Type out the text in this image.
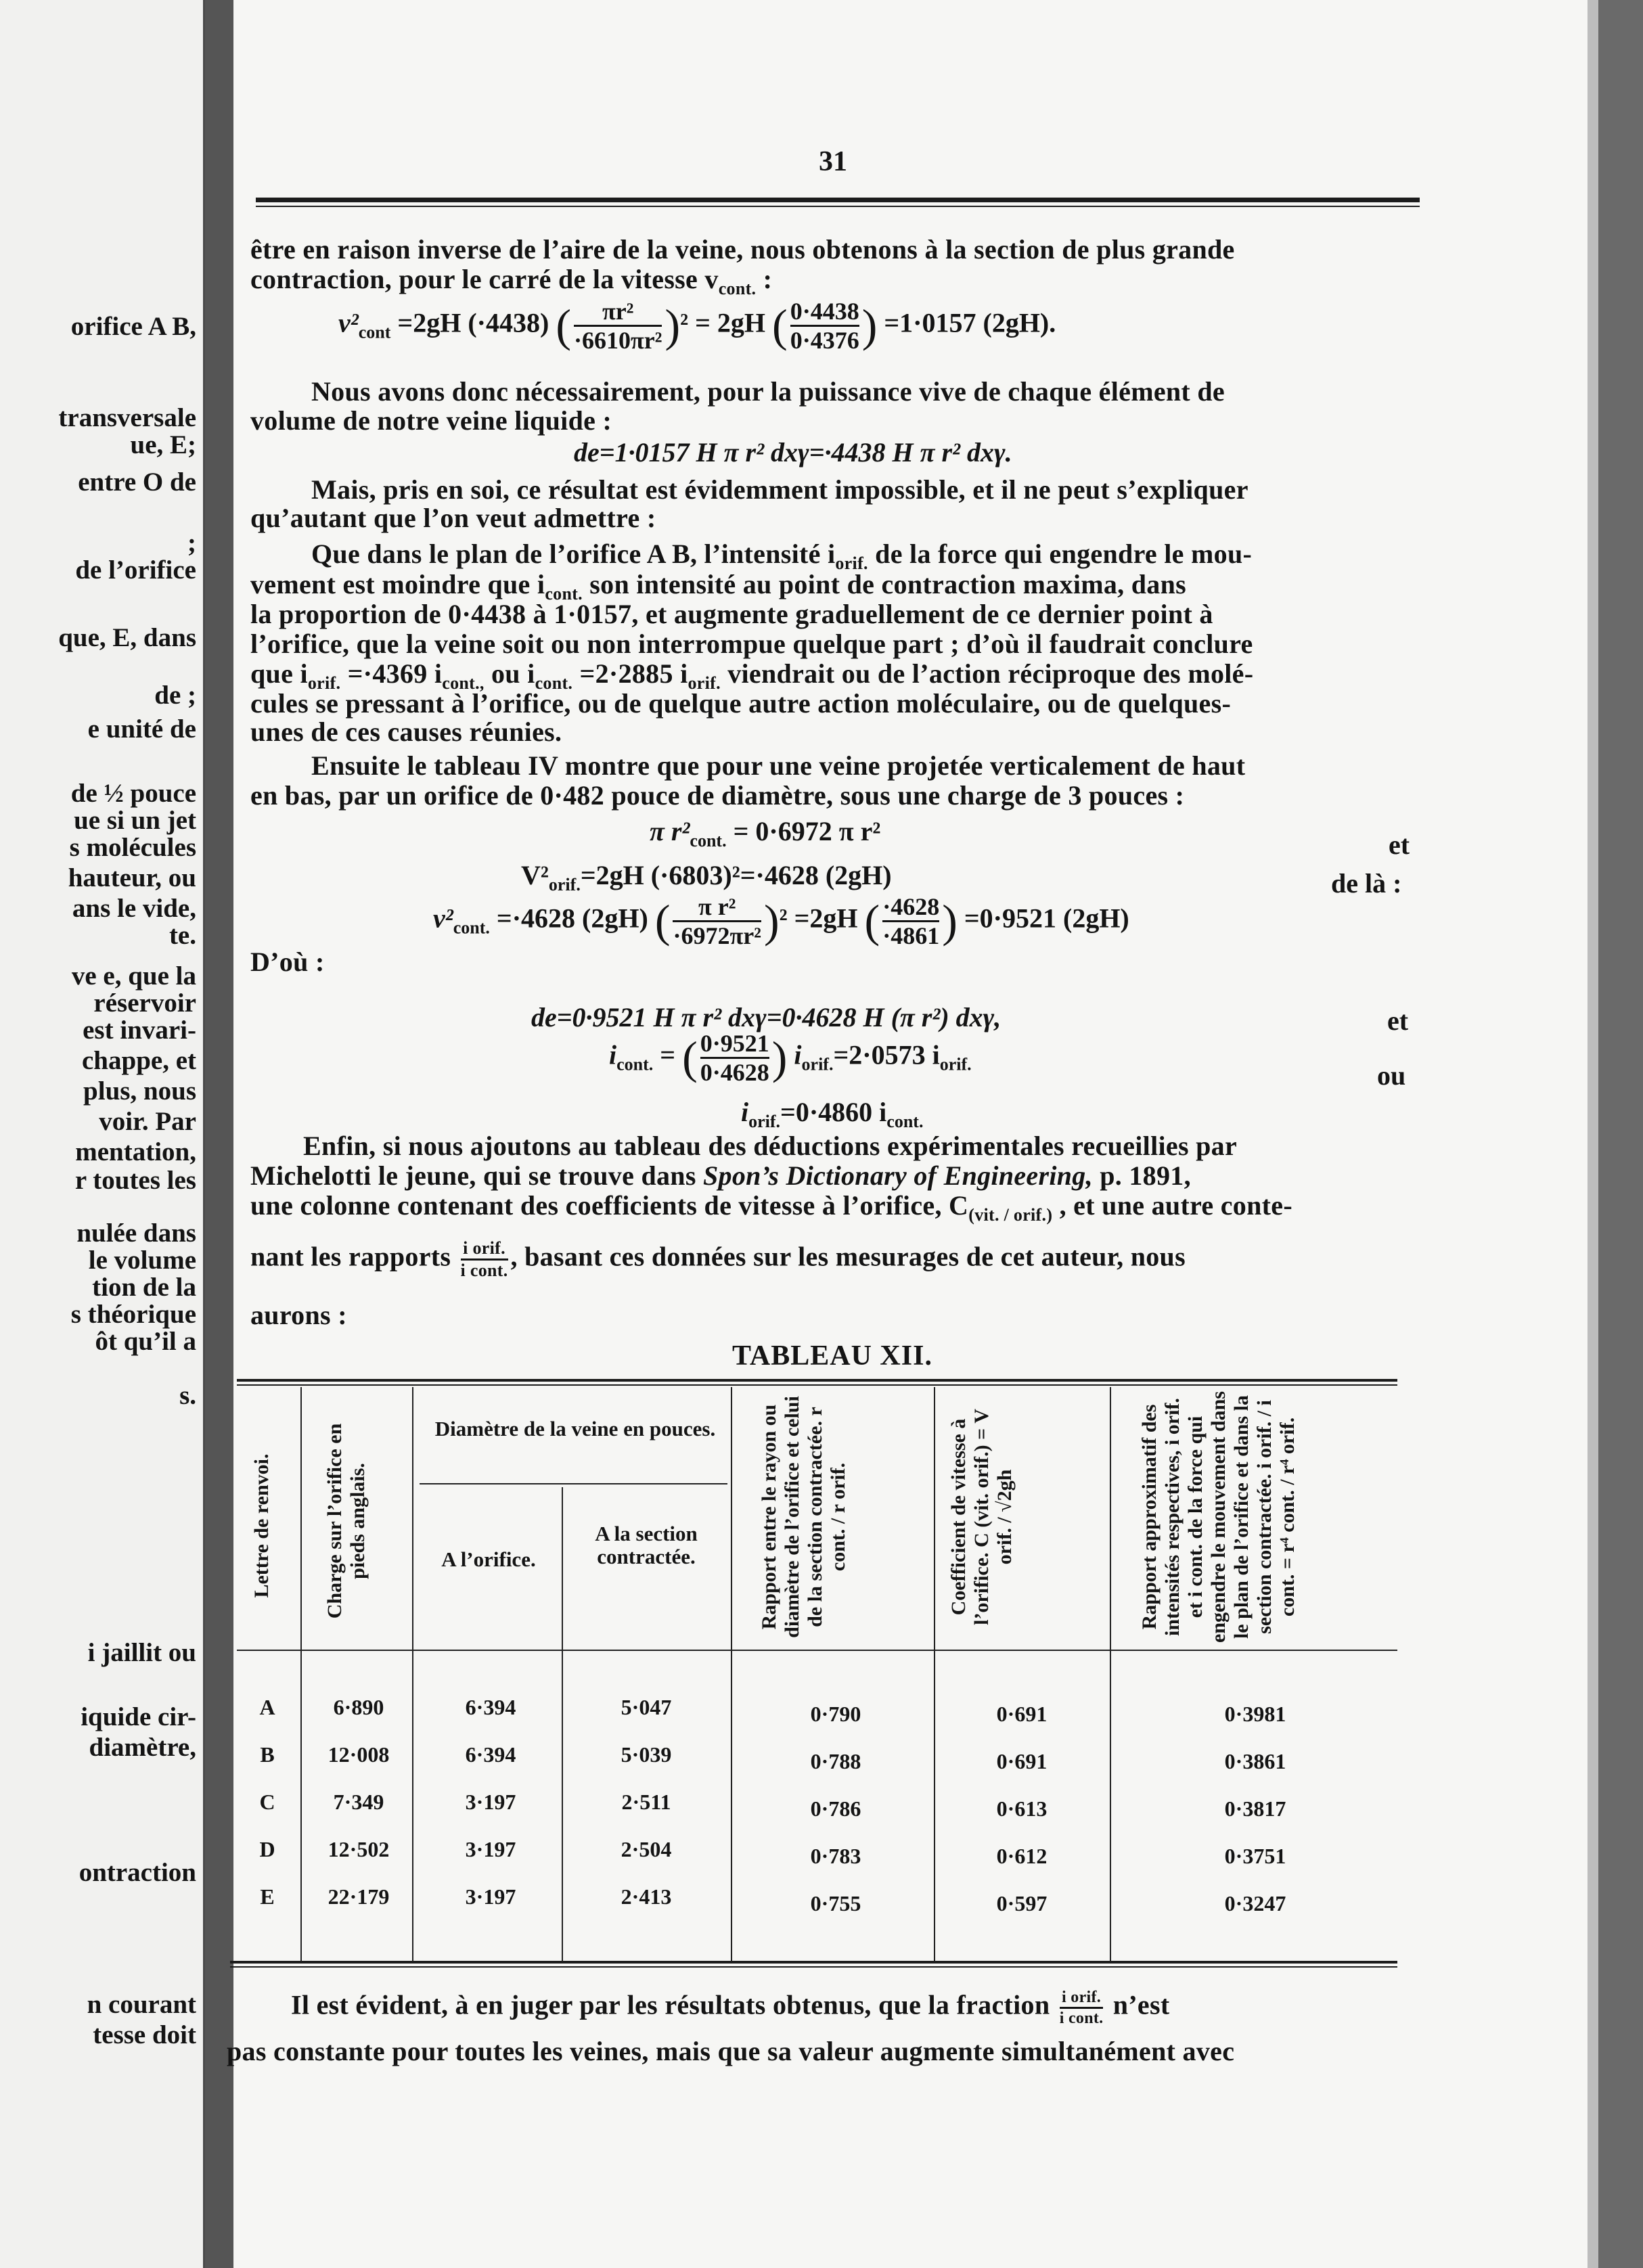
orifice A B,
transversale
ue, E;
entre O de
;
de l’orifice
que, E, dans
de ;
e unité de
de ½ pouce
ue si un jet
s molécules
hauteur, ou
ans le vide,
te.
ve e, que la
réservoir
est invari-
chappe, et
plus, nous
voir. Par
mentation,
r toutes les
nulée dans
le volume
tion de la
s théorique
ôt qu’il a
s.
i jaillit ou
iquide cir-
diamètre,
ontraction
n courant
tesse doit
31
être en raison inverse de l’aire de la veine, nous obtenons à la section de plus grande
contraction, pour le carré de la vitesse $v_{cont.}$ :
$v^2_{cont} =2gH$ (·4438) ( $\frac{\text{πr²}}{\text{·6610πr²}} )^2 = 2gH$ ( $\frac{0\cdot 4438}{0\cdot 4376}$ ) =1·0157 (2gH).
Nous avons donc nécessairement, pour la puissance vive de chaque élément de
volume de notre veine liquide :
de=1·0157 H π r² dxγ=·4438 H π r² dxγ.
Mais, pris en soi, ce résultat est évidemment impossible, et il ne peut s’expliquer
qu’autant que l’on veut admettre :
Que dans le plan de l’orifice A B, l’intensité $i_{orif.}$ de la force qui engendre le mou-
vement est moindre que $i_{cont.}$ son intensité au point de contraction maxima, dans
la proportion de 0·4438 à 1·0157, et augmente graduellement de ce dernier point à
l’orifice, que la veine soit ou non interrompue quelque part ; d’où il faudrait conclure
que $i_{orif.} =\cdot 4369$ $i_{cont.,}$ ou $i_{cont.} =2\cdot 2885$ $i_{orif.}$ viendrait ou de l’action réciproque des molé-
cules se pressant à l’orifice, ou de quelque autre action moléculaire, ou de quelques-
unes de ces causes réunies.
Ensuite le tableau IV montre que pour une veine projetée verticalement de haut
en bas, par un orifice de 0·482 pouce de diamètre, sous une charge de 3 pouces :
π $r^2_{cont.} = 0\cdot 6972$ π r²	et
$V^2_{orif.}=2gH$ (·6803)²=·4628 (2gH)	de là :
$v^2_{cont.} =\cdot 4628$ (2gH) ( $\frac{\text{π r²}}{\text{·6972πr²}} )^2 =2gH$ ( $\frac{\cdot 4628}{\cdot 4861}$ ) =0·9521 (2gH)
D’où :
de=0·9521 H π r² dxγ=0·4628 H (π r²) dxγ,	et
$i_{cont.}$ = ( $\frac{0\cdot 9521}{0\cdot 4628}$ ) $i_{orif.}=2\cdot 0573$ $i_{orif.}$	ou
$i_{orif.}=0\cdot 4860$ $i_{cont.}$
Enfin, si nous ajoutons au tableau des déductions expérimentales recueillies par
Michelotti le jeune, qui se trouve dans Spon’s Dictionary of Engineering, p. 1891,
une colonne contenant des coefficients de vitesse à l’orifice, $C_{(vit. / orif.)}$ , et une autre conte-
nant les rapports $\frac{\text{i orif.}}{\text{i cont.}}$ , basant ces données sur les mesurages de cet auteur, nous
aurons :
TABLEAU XII.
Lettre de renvoi.	Charge sur l’orifice en pieds anglais.
Diamètre de la veine en pouces.
A l’orifice.
A la section contractée.	Rapport entre le rayon ou diamètre de l’orifice et celui de la section contractée. r cont. / r orif.	Coefficient de vitesse à l’orifice. C (vit. orif.) = V orif. / √2gh	Rapport approximatif des intensités respectives, i orif. et i cont. de la force qui engendre le mouvement dans le plan de l’orifice et dans la section contractée. i orif. / i cont. = r⁴ cont. / r⁴ orif.
A	6·890	6·394	5·047	0·790	0·691	0·3981
B	12·008	6·394	5·039	0·788	0·691	0·3861
C	7·349	3·197	2·511	0·786	0·613	0·3817
D	12·502	3·197	2·504	0·783	0·612	0·3751
E	22·179	3·197	2·413	0·755	0·597	0·3247
Il est évident, à en juger par les résultats obtenus, que la fraction $\frac{\text{i orif.}}{\text{i cont.}}$ n’est
pas constante pour toutes les veines, mais que sa valeur augmente simultanément avec
